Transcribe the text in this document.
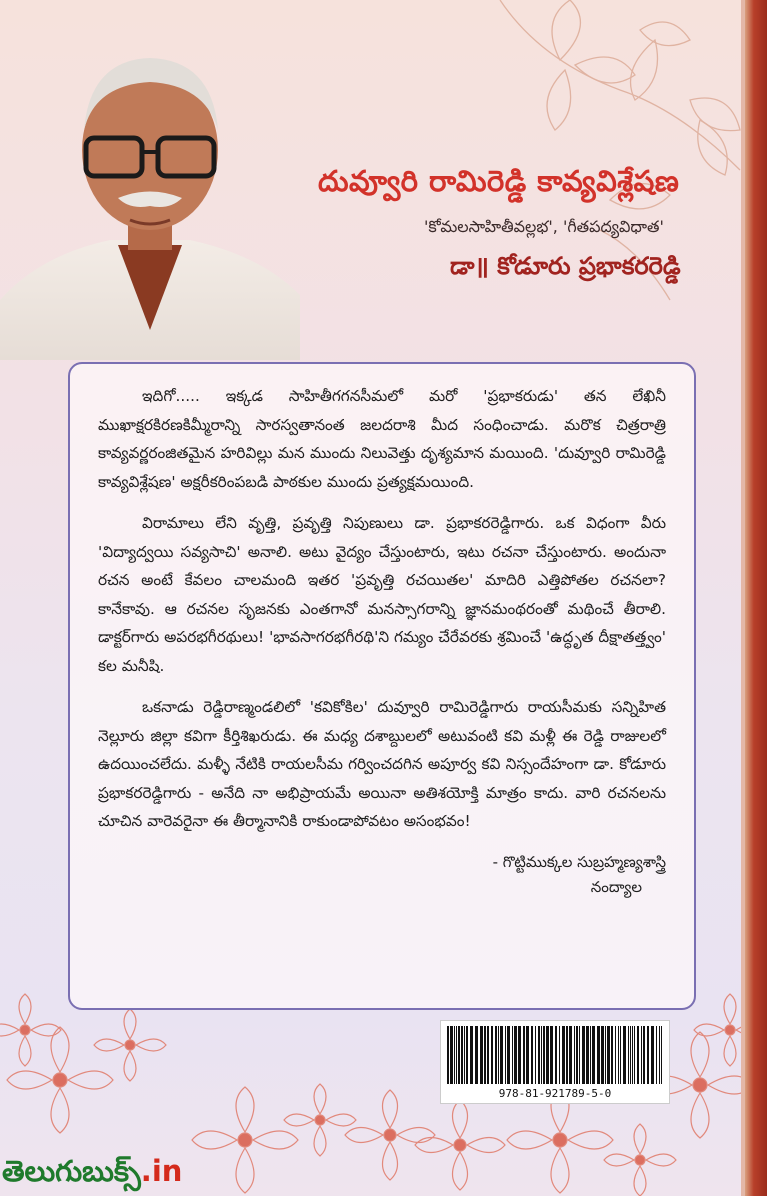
దువ్వూరి రామిరెడ్డి కావ్యవిశ్లేషణ
'కోమలసాహితీవల్లభ', 'గీతపద్యవిధాత'
డా॥ కోడూరు ప్రభాకరరెడ్డి

ఇదిగో..... ఇక్కడ సాహితీగగనసీమలో మరో 'ప్రభాకరుడు' తన లేఖినీ ముఖాక్షరకిరణకిమ్మీరాన్ని సారస్వతానంత జలదరాశి మీద సంధించాడు. మరొక చిత్రరాత్రి కావ్యవర్ణరంజితమైన హరివిల్లు మన ముందు నిలువెత్తు దృశ్యమాన మయింది. 'దువ్వూరి రామిరెడ్డి కావ్యవిశ్లేషణ' అక్షరీకరింపబడి పాఠకుల ముందు ప్రత్యక్షమయింది.

విరామాలు లేని వృత్తి, ప్రవృత్తి నిపుణులు డా. ప్రభాకరరెడ్డిగారు. ఒక విధంగా వీరు 'విద్యాద్వయి సవ్యసాచి' అనాలి. అటు వైద్యం చేస్తుంటారు, ఇటు రచనా చేస్తుంటారు. అందునా రచన అంటే కేవలం చాలమంది ఇతర 'ప్రవృత్తి రచయితల' మాదిరి ఎత్తిపోతల రచనలా? కానేకావు. ఆ రచనల సృజనకు ఎంతగానో మనస్సాగరాన్ని జ్ఞానమంథరంతో మథించే తీరాలి. డాక్టర్‌గారు అపరభగీరథులు! 'భావసాగరభగీరథి'ని గమ్యం చేరేవరకు శ్రమించే 'ఉద్ధృత దీక్షాతత్త్వం' కల మనీషి.

ఒకనాడు రెడ్డిరాణ్మండలిలో 'కవికోకిల' దువ్వూరి రామిరెడ్డిగారు రాయసీమకు సన్నిహిత నెల్లూరు జిల్లా కవిగా కీర్తిశిఖరుడు. ఈ మధ్య దశాబ్దులలో అటువంటి కవి మళ్లీ ఈ రెడ్డి రాజులలో ఉదయించలేదు. మళ్ళీ నేటికి రాయలసీమ గర్వించదగిన అపూర్వ కవి నిస్సందేహంగా డా. కోడూరు ప్రభాకరరెడ్డిగారు - అనేది నా అభిప్రాయమే అయినా అతిశయోక్తి మాత్రం కాదు. వారి రచనలను చూచిన వారెవరైనా ఈ తీర్మానానికి రాకుండాపోవటం అసంభవం!

- గొట్టిముక్కల సుబ్రహ్మణ్యశాస్త్రి
నంద్యాల
978-81-921789-5-0
తెలుగుబుక్స్.in
